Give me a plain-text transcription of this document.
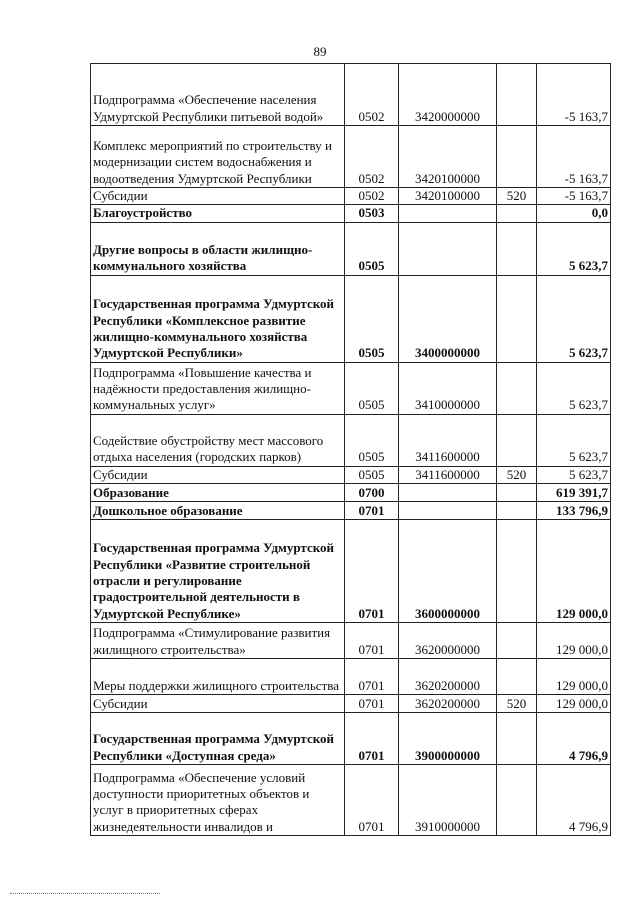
89
Подпрограмма «Обеспечение населения Удмуртской Республики питьевой водой»	0502	3420000000		-5 163,7
Комплекс мероприятий по строительству и модернизации систем водоснабжения и водоотведения Удмуртской Республики	0502	3420100000		-5 163,7
Субсидии	0502	3420100000	520	-5 163,7
Благоустройство	0503			0,0
Другие вопросы в области жилищно-коммунального хозяйства	0505			5 623,7
Государственная программа Удмуртской Республики «Комплексное развитие жилищно-коммунального хозяйства Удмуртской Республики»	0505	3400000000		5 623,7
Подпрограмма «Повышение качества и надёжности предоставления жилищно-коммунальных услуг»	0505	3410000000		5 623,7
Содействие обустройству мест массового отдыха населения (городских парков)	0505	3411600000		5 623,7
Субсидии	0505	3411600000	520	5 623,7
Образование	0700			619 391,7
Дошкольное образование	0701			133 796,9
Государственная программа Удмуртской Республики «Развитие строительной отрасли и регулирование градостроительной деятельности в Удмуртской Республике»	0701	3600000000		129 000,0
Подпрограмма «Стимулирование развития жилищного строительства»	0701	3620000000		129 000,0
Меры поддержки жилищного строительства	0701	3620200000		129 000,0
Субсидии	0701	3620200000	520	129 000,0
Государственная программа Удмуртской Республики «Доступная среда»	0701	3900000000		4 796,9
Подпрограмма «Обеспечение условий доступности приоритетных объектов и услуг в приоритетных сферах жизнедеятельности инвалидов и	0701	3910000000		4 796,9
